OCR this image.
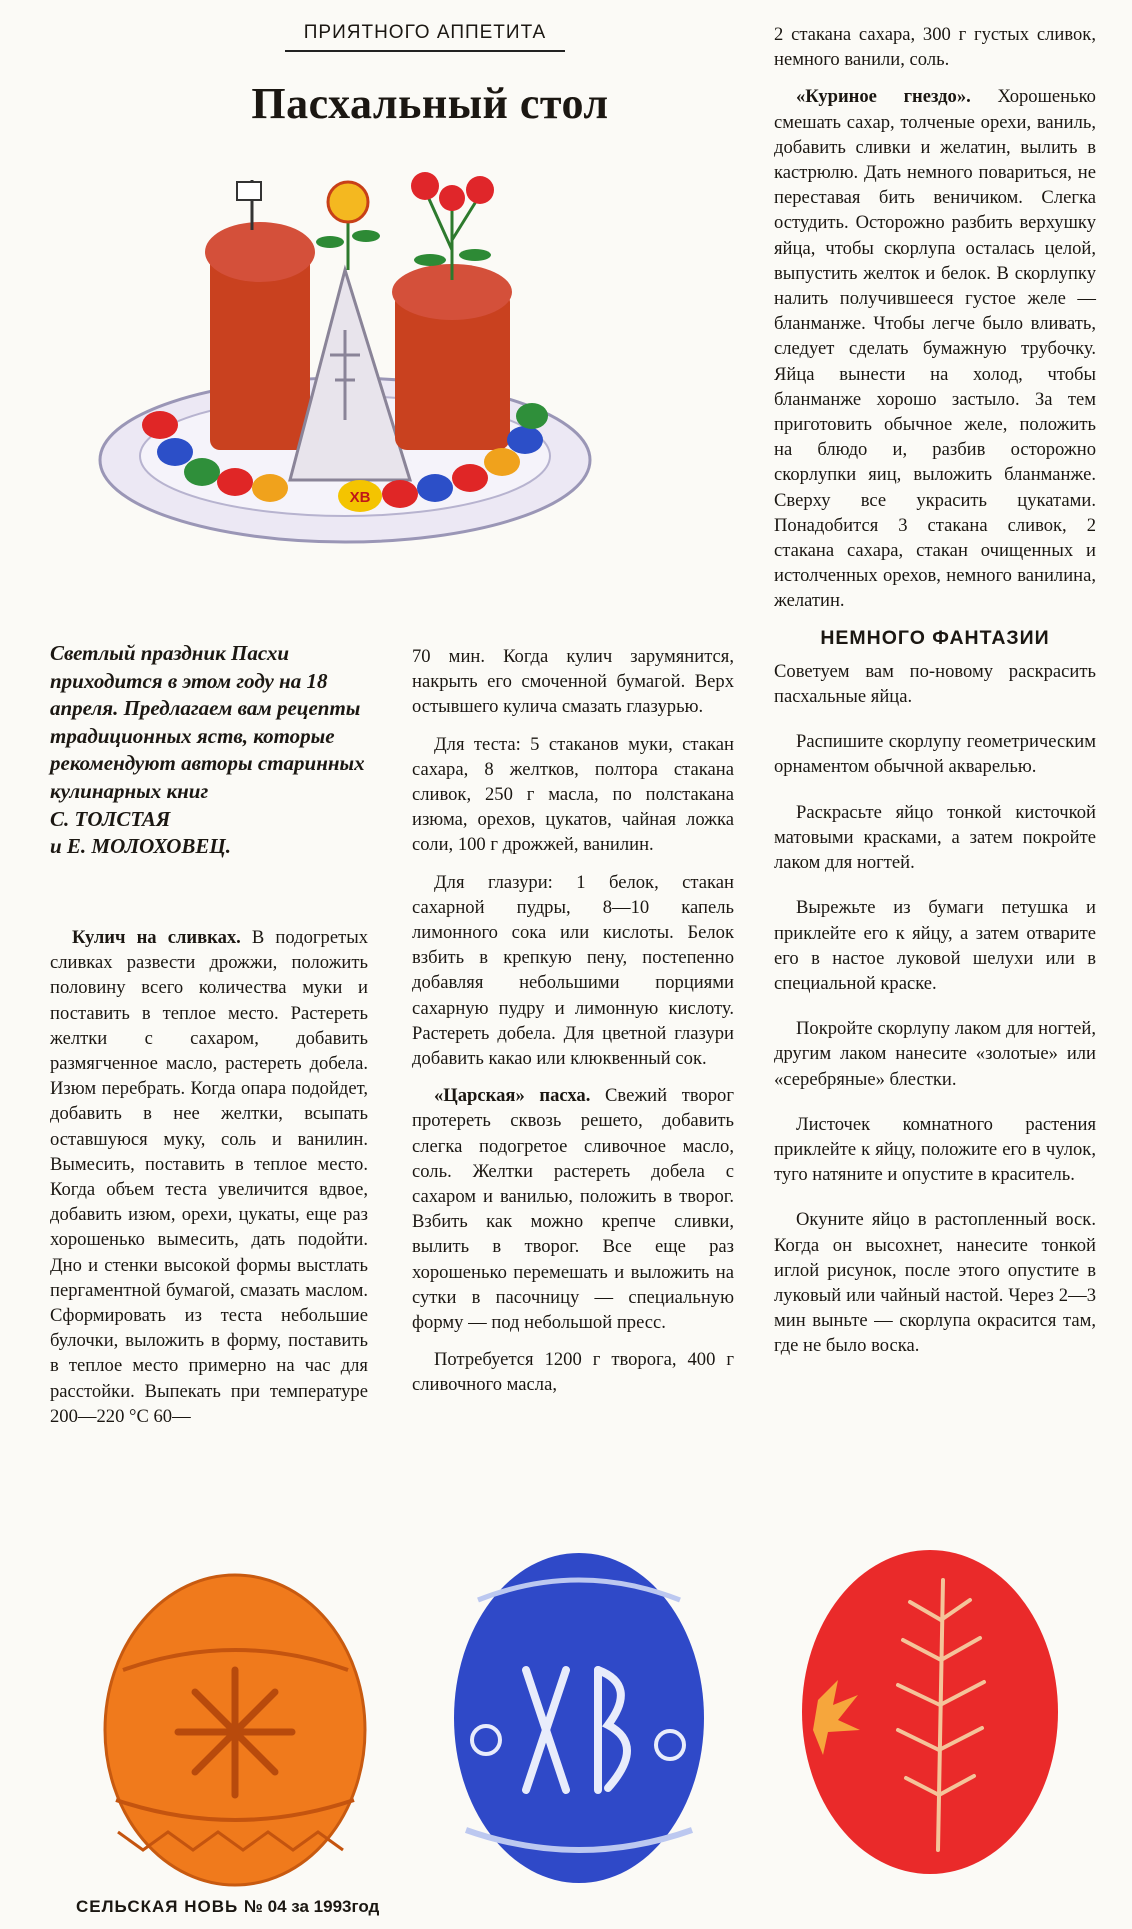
ПРИЯТНОГО АППЕТИТА
Пасхальный стол
ХВ
Светлый праздник Пасхи приходится в этом году на 18 апреля. Предлагаем вам рецепты традиционных яств, которые рекомендуют авторы старинных кулинарных книг
С. ТОЛСТАЯ
и Е. МОЛОХОВЕЦ.

Кулич на сливках. В подогретых сливках развести дрожжи, положить половину всего количества муки и поставить в теплое место. Растереть желтки с сахаром, добавить размягченное масло, растереть добела. Изюм перебрать. Когда опара подойдет, добавить в нее желтки, всыпать оставшуюся муку, соль и ванилин. Вымесить, поставить в теплое место. Когда объем теста увеличится вдвое, добавить изюм, орехи, цукаты, еще раз хорошенько вымесить, дать подойти. Дно и стенки высокой формы выстлать пергаментной бумагой, смазать маслом. Сформировать из теста небольшие булочки, выложить в форму, поставить в теплое место примерно на час для расстойки. Выпекать при температуре 200—220 °С 60—

70 мин. Когда кулич зарумянится, накрыть его смоченной бумагой. Верх остывшего кулича смазать глазурью.

Для теста: 5 стаканов муки, стакан сахара, 8 желтков, полтора стакана сливок, 250 г масла, по полстакана изюма, орехов, цукатов, чайная ложка соли, 100 г дрожжей, ванилин.

Для глазури: 1 белок, стакан сахарной пудры, 8—10 капель лимонного сока или кислоты. Белок взбить в крепкую пену, постепенно добавляя небольшими порциями сахарную пудру и лимонную кислоту. Растереть добела. Для цветной глазури добавить какао или клюквенный сок.

«Царская» пасха. Свежий творог протереть сквозь решето, добавить слегка подогретое сливочное масло, соль. Желтки растереть добела с сахаром и ванилью, положить в творог. Взбить как можно крепче сливки, вылить в творог. Все еще раз хорошенько перемешать и выложить на сутки в пасочницу — специальную форму — под небольшой пресс.

Потребуется 1200 г творога, 400 г сливочного масла,

2 стакана сахара, 300 г густых сливок, немного ванили, соль.

«Куриное гнездо». Хорошенько смешать сахар, толченые орехи, ваниль, добавить сливки и желатин, вылить в кастрюлю. Дать немного повариться, не переставая бить веничиком. Слегка остудить. Осторожно разбить верхушку яйца, чтобы скорлупа осталась целой, выпустить желток и белок. В скорлупку налить получившееся густое желе — бланманже. Чтобы легче было вливать, следует сделать бумажную трубочку. Яйца вынести на холод, чтобы бланманже хорошо застыло. За тем приготовить обычное желе, положить на блюдо и, разбив осторожно скорлупки яиц, выложить бланманже. Сверху все украсить цукатами. Понадобится 3 стакана сливок, 2 стакана сахара, стакан очищенных и истолченных орехов, немного ванилина, желатин.

НЕМНОГО ФАНТАЗИИ

Советуем вам по-новому раскрасить пасхальные яйца.

Распишите скорлупу геометрическим орнаментом обычной акварелью.

Раскрасьте яйцо тонкой кисточкой матовыми красками, а затем покройте лаком для ногтей.

Вырежьте из бумаги петушка и приклейте его к яйцу, а затем отварите его в настое луковой шелухи или в специальной краске.

Покройте скорлупу лаком для ногтей, другим лаком нанесите «золотые» или «серебряные» блестки.

Листочек комнатного растения приклейте к яйцу, положите его в чулок, туго натяните и опустите в краситель.

Окуните яйцо в растопленный воск. Когда он высохнет, нанесите тонкой иглой рисунок, после этого опустите в луковый или чайный настой. Через 2—3 мин выньте — скорлупа окрасится там, где не было воска.

СЕЛЬСКАЯ НОВЬ № 04 за 1993год
